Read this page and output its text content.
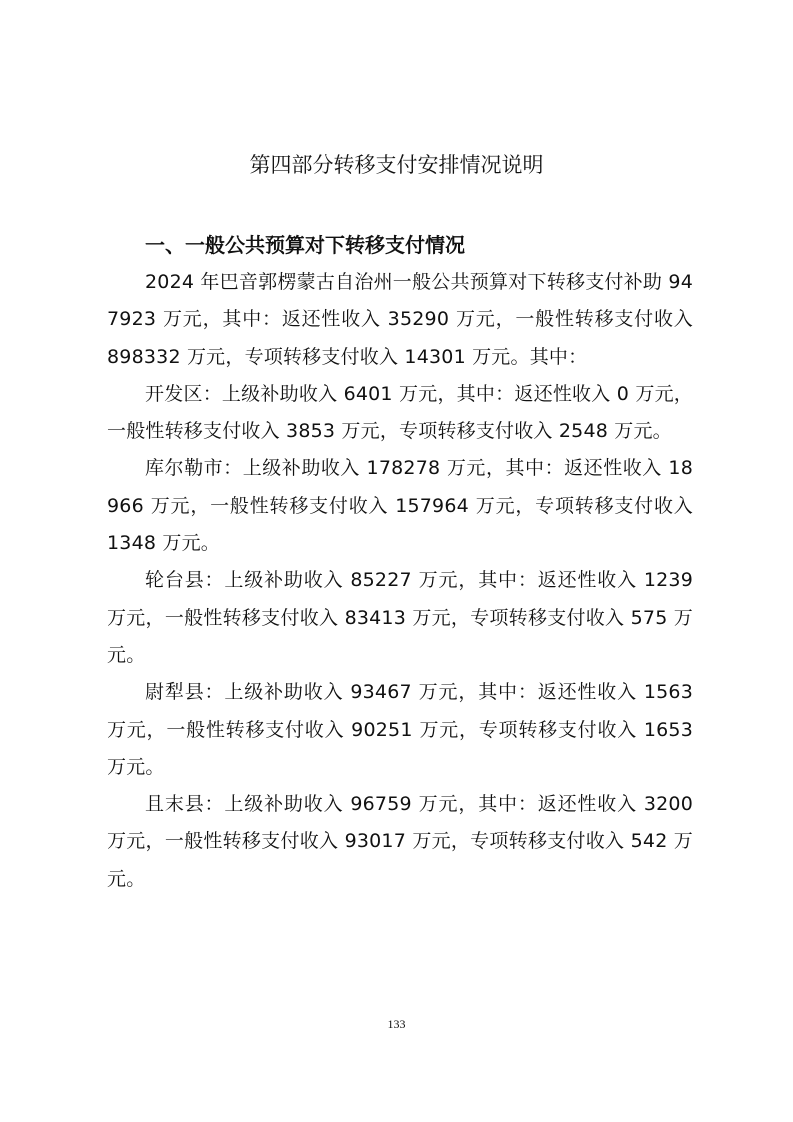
第四部分转移支付安排情况说明
一、一般公共预算对下转移支付情况

2024 年巴音郭楞蒙古自治州一般公共预算对下转移支付补助 947923 万元，其中：返还性收入 35290 万元，一般性转移支付收入 898332 万元，专项转移支付收入 14301 万元。其中：

开发区：上级补助收入 6401 万元，其中：返还性收入 0 万元，一般性转移支付收入 3853 万元，专项转移支付收入 2548 万元。

库尔勒市：上级补助收入 178278 万元，其中：返还性收入 18966 万元，一般性转移支付收入 157964 万元，专项转移支付收入 1348 万元。

轮台县：上级补助收入 85227 万元，其中：返还性收入 1239 万元，一般性转移支付收入 83413 万元，专项转移支付收入 575 万元。

尉犁县：上级补助收入 93467 万元，其中：返还性收入 1563 万元，一般性转移支付收入 90251 万元，专项转移支付收入 1653 万元。

且末县：上级补助收入 96759 万元，其中：返还性收入 3200 万元，一般性转移支付收入 93017 万元，专项转移支付收入 542 万元。

133
